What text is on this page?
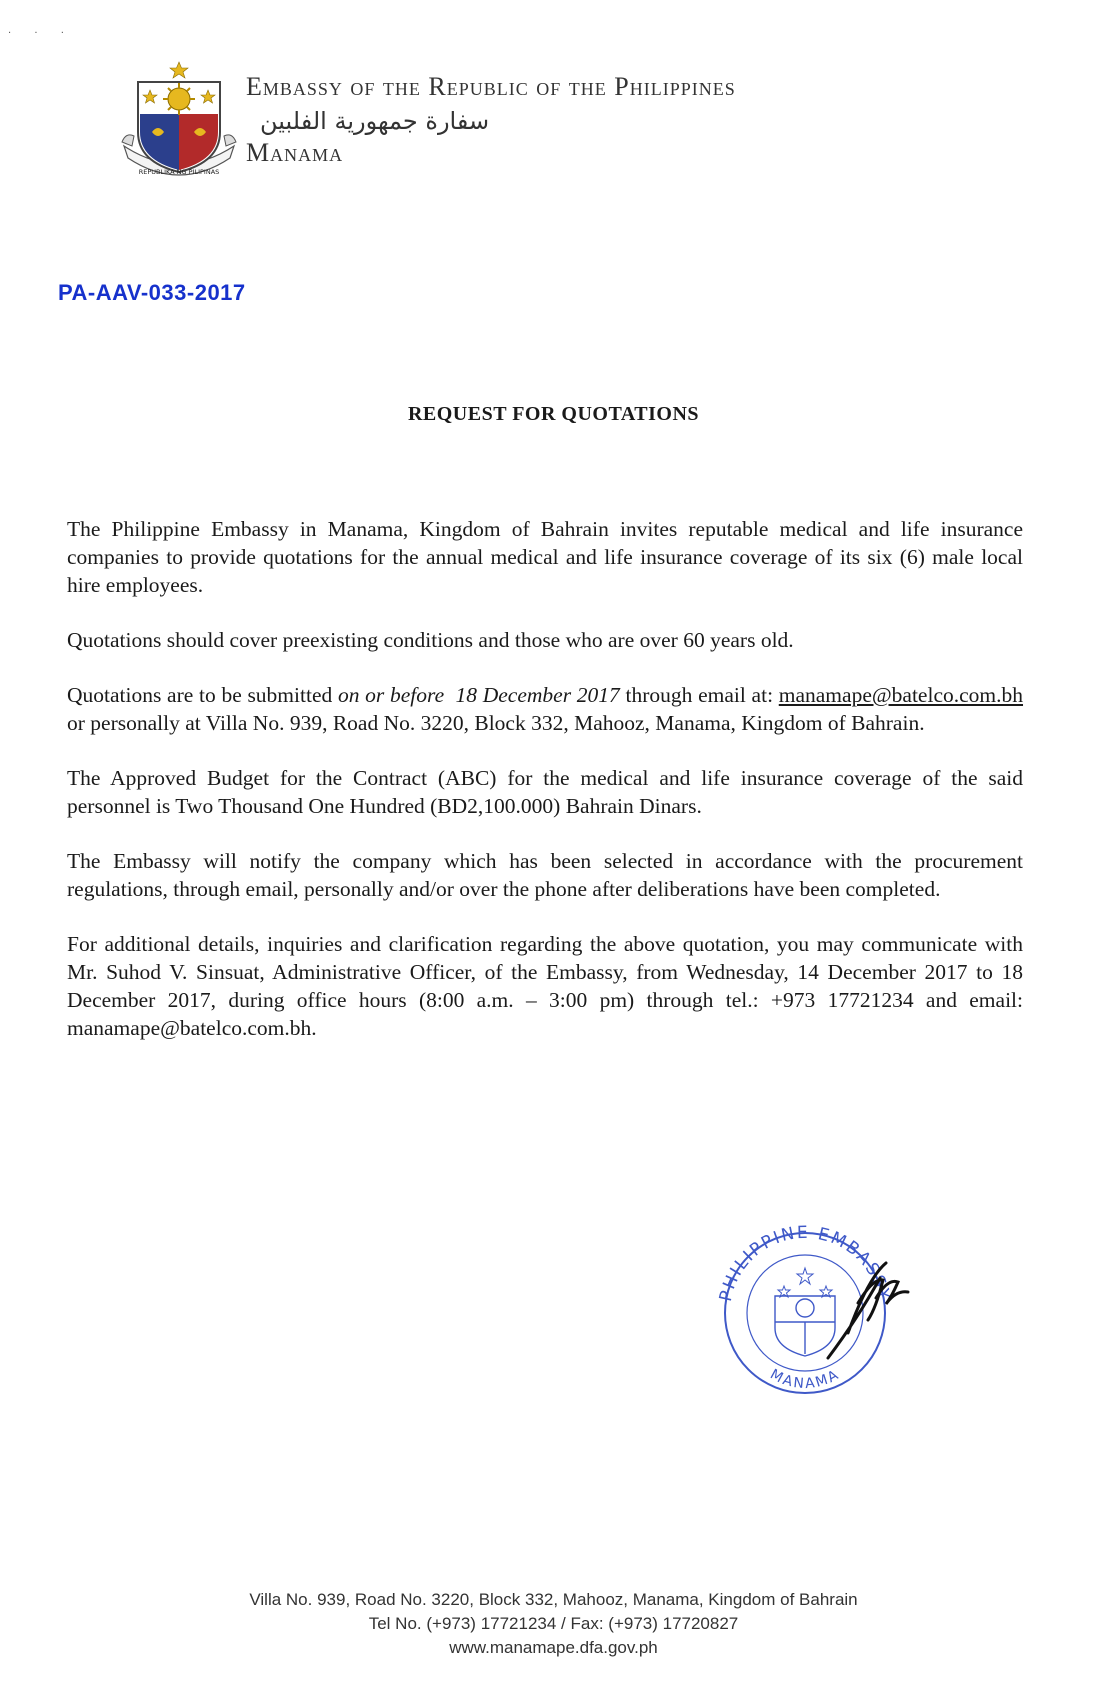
· · ·
REPUBLIKA NG PILIPINAS

Embassy of the Republic of the Philippines

سفارة جمهورية الفلبين

Manama

PA-AAV-033-2017
REQUEST FOR QUOTATIONS

The Philippine Embassy in Manama, Kingdom of Bahrain invites reputable medical and life insurance companies to provide quotations for the annual medical and life insurance coverage of its six (6) male local hire employees.

Quotations should cover preexisting conditions and those who are over 60 years old.

Quotations are to be submitted on or before 18 December 2017 through email at: manamape@batelco.com.bh or personally at Villa No. 939, Road No. 3220, Block 332, Mahooz, Manama, Kingdom of Bahrain.

The Approved Budget for the Contract (ABC) for the medical and life insurance coverage of the said personnel is Two Thousand One Hundred (BD2,100.000) Bahrain Dinars.

The Embassy will notify the company which has been selected in accordance with the procurement regulations, through email, personally and/or over the phone after deliberations have been completed.

For additional details, inquiries and clarification regarding the above quotation, you may communicate with Mr. Suhod V. Sinsuat, Administrative Officer, of the Embassy, from Wednesday, 14 December 2017 to 18 December 2017, during office hours (8:00 a.m. – 3:00 pm) through tel.: +973 17721234 and email: manamape@batelco.com.bh.

PHILIPPINE EMBASSY
MANAMA
Villa No. 939, Road No. 3220, Block 332, Mahooz, Manama, Kingdom of Bahrain
Tel No. (+973) 17721234 / Fax: (+973) 17720827
www.manamape.dfa.gov.ph
